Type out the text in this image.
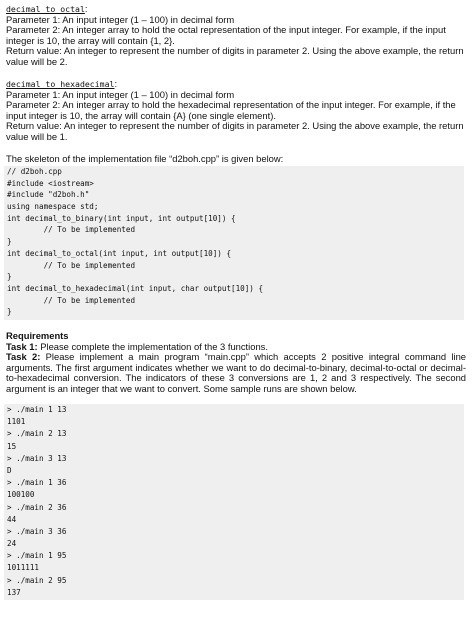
decimal_to_octal:
Parameter 1: An input integer (1 – 100) in decimal form
Parameter 2: An integer array to hold the octal representation of the input integer. For example, if the input
integer is 10, the array will contain {1, 2}.
Return value: An integer to represent the number of digits in parameter 2. Using the above example, the return
value will be 2.
decimal_to_hexadecimal:
Parameter 1: An input integer (1 – 100) in decimal form
Parameter 2: An integer array to hold the hexadecimal representation of the input integer. For example, if the
input integer is 10, the array will contain {A} (one single element).
Return value: An integer to represent the number of digits in parameter 2. Using the above example, the return
value will be 1.
The skeleton of the implementation file “d2boh.cpp” is given below:
// d2boh.cpp
#include <iostream>
#include "d2boh.h"
using namespace std;
int decimal_to_binary(int input, int output[10]) {
// To be implemented
}
int decimal_to_octal(int input, int output[10]) {
// To be implemented
}
int decimal_to_hexadecimal(int input, char output[10]) {
// To be implemented
}
Requirements
Task 1: Please complete the implementation of the 3 functions.
Task 2: Please implement a main program “main.cpp” which accepts 2 positive integral command line arguments. The first argument indicates whether we want to do decimal-to-binary, decimal-to-octal or decimal-to-hexadecimal conversion. The indicators of these 3 conversions are 1, 2 and 3 respectively. The second argument is an integer that we want to convert. Some sample runs are shown below.
> ./main 1 13
1101
> ./main 2 13
15
> ./main 3 13
D
> ./main 1 36
100100
> ./main 2 36
44
> ./main 3 36
24
> ./main 1 95
1011111
> ./main 2 95
137
